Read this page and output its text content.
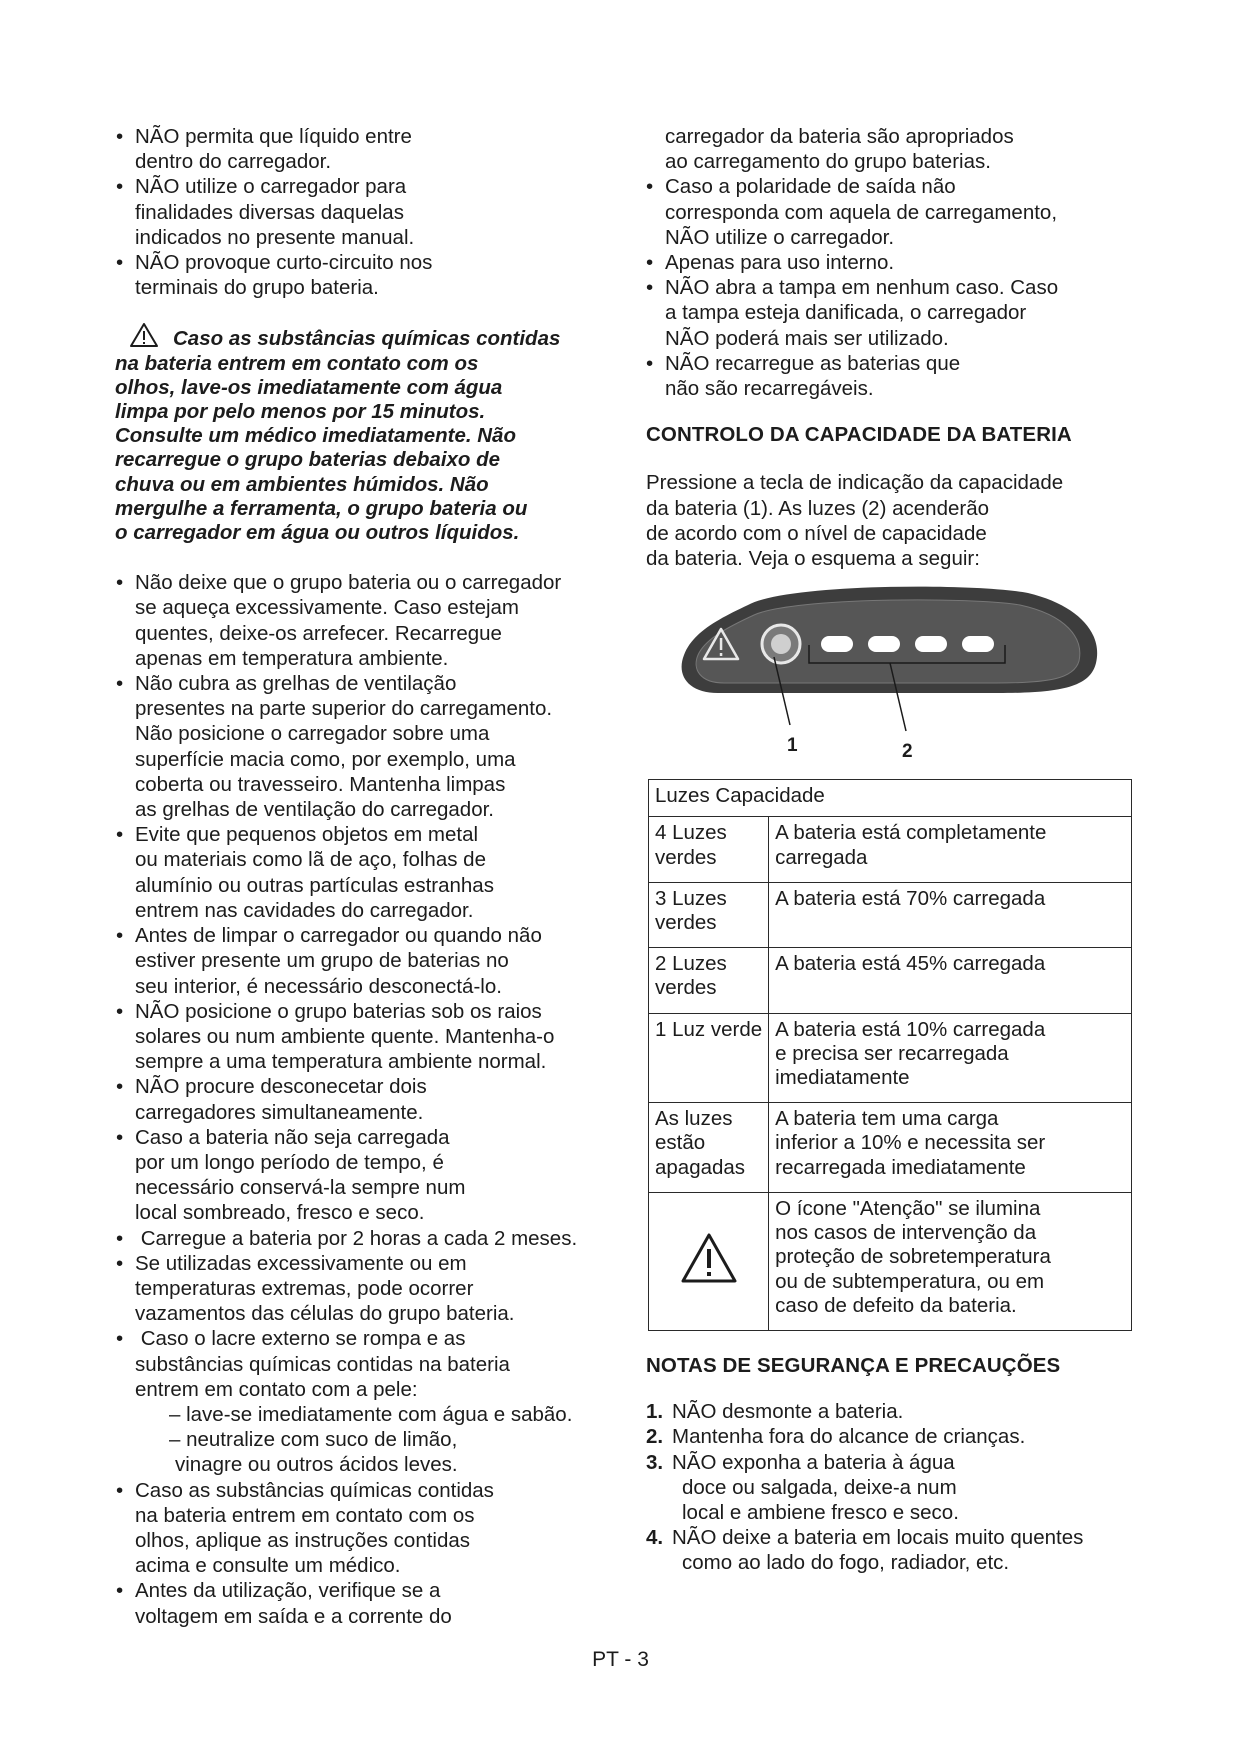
• NÃO permita que líquido entre
dentro do carregador.
• NÃO utilize o carregador para
finalidades diversas daquelas
indicados no presente manual.
• NÃO provoque curto-circuito nos
terminais do grupo bateria.
Caso as substâncias químicas contidas
na bateria entrem em contato com os
olhos, lave-os imediatamente com água
limpa por pelo menos por 15 minutos.
Consulte um médico imediatamente. Não
recarregue o grupo baterias debaixo de
chuva ou em ambientes húmidos. Não
mergulhe a ferramenta, o grupo bateria ou
o carregador em água ou outros líquidos.
• Não deixe que o grupo bateria ou o carregador
se aqueça excessivamente. Caso estejam
quentes, deixe-os arrefecer. Recarregue
apenas em temperatura ambiente.
• Não cubra as grelhas de ventilação
presentes na parte superior do carregamento.
Não posicione o carregador sobre uma
superfície macia como, por exemplo, uma
coberta ou travesseiro. Mantenha limpas
as grelhas de ventilação do carregador.
• Evite que pequenos objetos em metal
ou materiais como lã de aço, folhas de
alumínio ou outras partículas estranhas
entrem nas cavidades do carregador.
• Antes de limpar o carregador ou quando não
estiver presente um grupo de baterias no
seu interior, é necessário desconectá-lo.
• NÃO posicione o grupo baterias sob os raios
solares ou num ambiente quente. Mantenha-o
sempre a uma temperatura ambiente normal.
• NÃO procure desconecetar dois
carregadores simultaneamente.
• Caso a bateria não seja carregada
por um longo período de tempo, é
necessário conservá-la sempre num
local sombreado, fresco e seco.
•  Carregue a bateria por 2 horas a cada 2 meses.
• Se utilizadas excessivamente ou em
temperaturas extremas, pode ocorrer
vazamentos das células do grupo bateria.
•  Caso o lacre externo se rompa e as
substâncias químicas contidas na bateria
entrem em contato com a pele:
– lave-se imediatamente com água e sabão.
– neutralize com suco de limão,
vinagre ou outros ácidos leves.
• Caso as substâncias químicas contidas
na bateria entrem em contato com os
olhos, aplique as instruções contidas
acima e consulte um médico.
• Antes da utilização, verifique se a
voltagem em saída e a corrente do
carregador da bateria são apropriados
ao carregamento do grupo baterias.
• Caso a polaridade de saída não
corresponda com aquela de carregamento,
NÃO utilize o carregador.
• Apenas para uso interno.
• NÃO abra a tampa em nenhum caso. Caso
a tampa esteja danificada, o carregador
NÃO poderá mais ser utilizado.
• NÃO recarregue as baterias que
não são recarregáveis.
CONTROLO DA CAPACIDADE DA BATERIA

Pressione a tecla de indicação da capacidade
da bateria (1). As luzes (2) acenderão
de acordo com o nível de capacidade
da bateria. Veja o esquema a seguir:

1	2
Luzes Capacidade	
4 Luzes
verdes	A bateria está completamente
carregada
3 Luzes
verdes	A bateria está 70% carregada
2 Luzes
verdes	A bateria está 45% carregada
1 Luz verde	A bateria está 10% carregada
e precisa ser recarregada
imediatamente
As luzes
estão
apagadas	A bateria tem uma carga
inferior a 10% e necessita ser
recarregada imediatamente
	O ícone "Atenção" se ilumina
nos casos de intervenção da
proteção de sobretemperatura
ou de subtemperatura, ou em
caso de defeito da bateria.
NOTAS DE SEGURANÇA E PRECAUÇÕES
1. NÃO desmonte a bateria.
2. Mantenha fora do alcance de crianças.
3. NÃO exponha a bateria à água
doce ou salgada, deixe-a num
local e ambiene fresco e seco.
4. NÃO deixe a bateria em locais muito quentes
como ao lado do fogo, radiador, etc.
PT - 3
